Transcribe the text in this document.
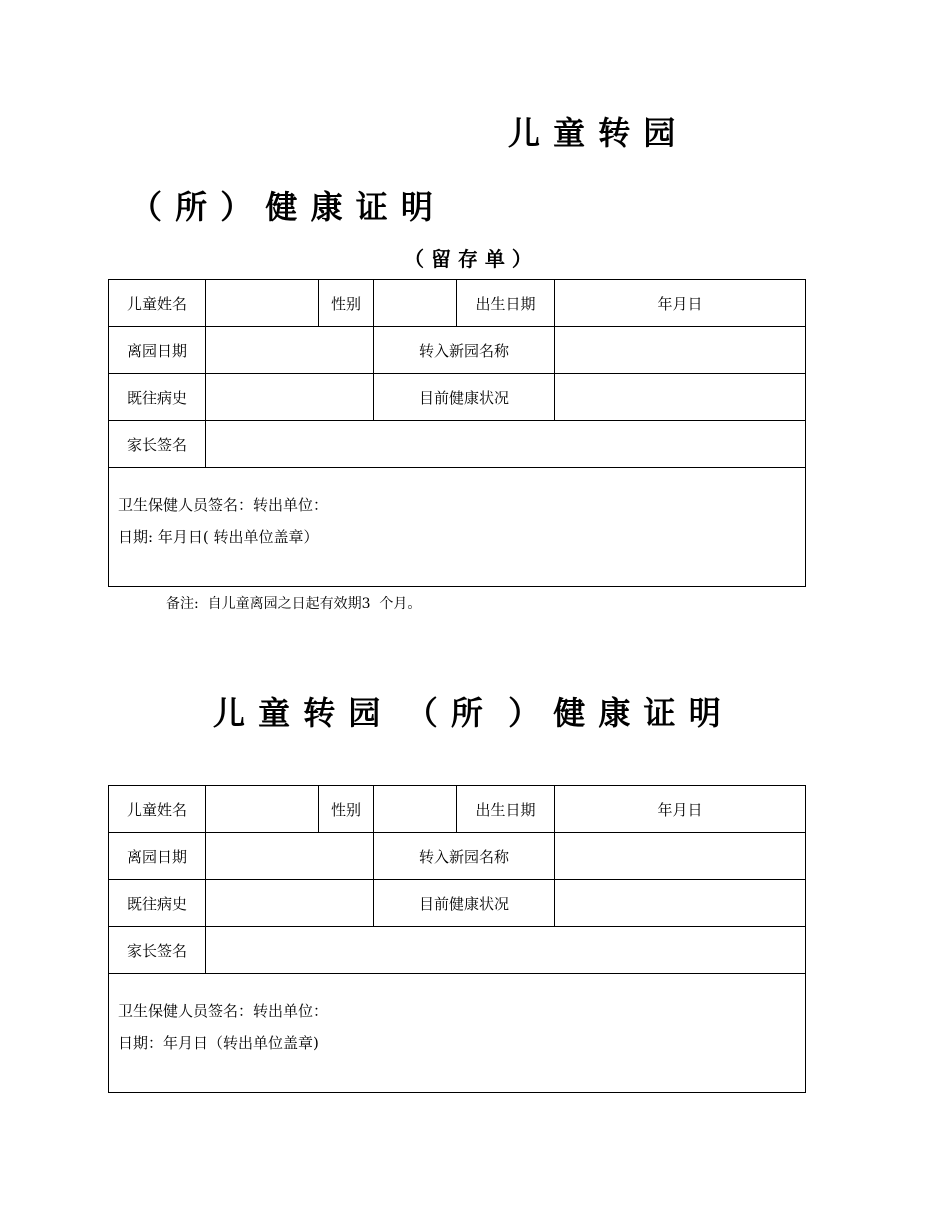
儿 童 转 园
（ 所 ） 健 康 证 明
（ 留 存 单 ）
儿童姓名		性别		出生日期	年月日
离园日期			转入新园名称		
既往病史			目前健康状况		
家长签名					

卫生保健人员签名：转出单位：
日期: 年月日( 转出单位盖章）					
备注:  自儿童离园之日起有效期3  个月。
儿 童 转 园  （ 所  ） 健 康 证 明
儿童姓名		性别		出生日期	年月日
离园日期			转入新园名称		
既往病史			目前健康状况		
家长签名					

卫生保健人员签名：转出单位：
日期：年月日（转出单位盖章)					
